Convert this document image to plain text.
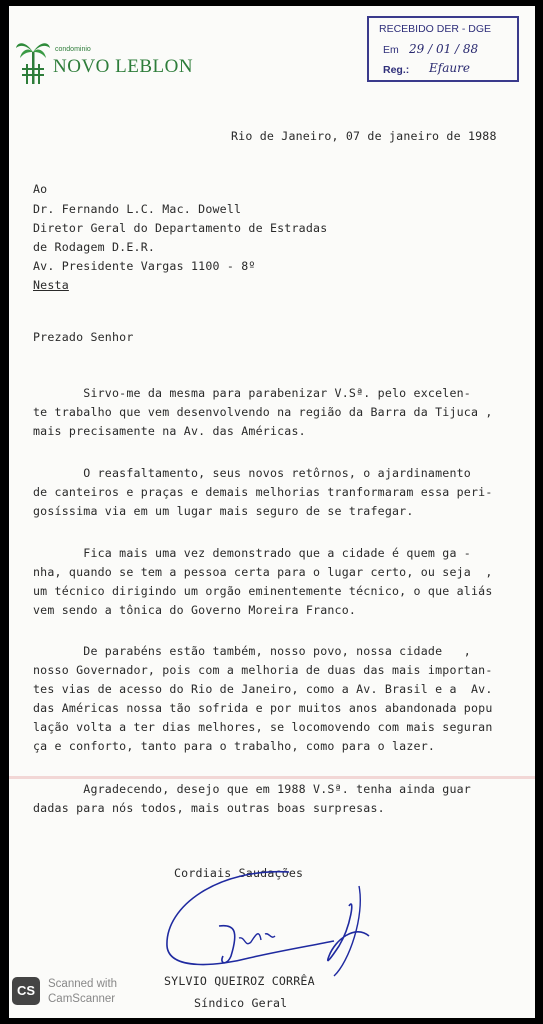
condominio
NOVO LEBLON
RECEBIDO DER - DGE
Em 29 / 01 / 88
Reg.: Efaure
Rio de Janeiro, 07 de janeiro de 1988
Ao
Dr. Fernando L.C. Mac. Dowell
Diretor Geral do Departamento de Estradas
de Rodagem D.E.R.
Av. Presidente Vargas 1100 - 8º
Nesta
Prezado Senhor
Sirvo-me da mesma para parabenizar V.Sª. pelo excelen-
te trabalho que vem desenvolvendo na região da Barra da Tijuca ,
mais precisamente na Av. das Américas.
O reasfaltamento, seus novos retôrnos, o ajardinamento
de canteiros e praças e demais melhorias tranformaram essa peri-
gosíssima via em um lugar mais seguro de se trafegar.
Fica mais uma vez demonstrado que a cidade é quem ga -
nha, quando se tem a pessoa certa para o lugar certo, ou seja  ,
um técnico dirigindo um orgão eminentemente técnico, o que aliás
vem sendo a tônica do Governo Moreira Franco.
De parabéns estão também, nosso povo, nossa cidade   ,
nosso Governador, pois com a melhoria de duas das mais importan-
tes vias de acesso do Rio de Janeiro, como a Av. Brasil e a  Av.
das Américas nossa tão sofrida e por muitos anos abandonada popu
lação volta a ter dias melhores, se locomovendo com mais seguran
ça e conforto, tanto para o trabalho, como para o lazer.
Agradecendo, desejo que em 1988 V.Sª. tenha ainda guar
dadas para nós todos, mais outras boas surpresas.
Cordiais Saudações
SYLVIO QUEIROZ CORRÊA
Síndico Geral
CS	Scanned with
CamScanner
